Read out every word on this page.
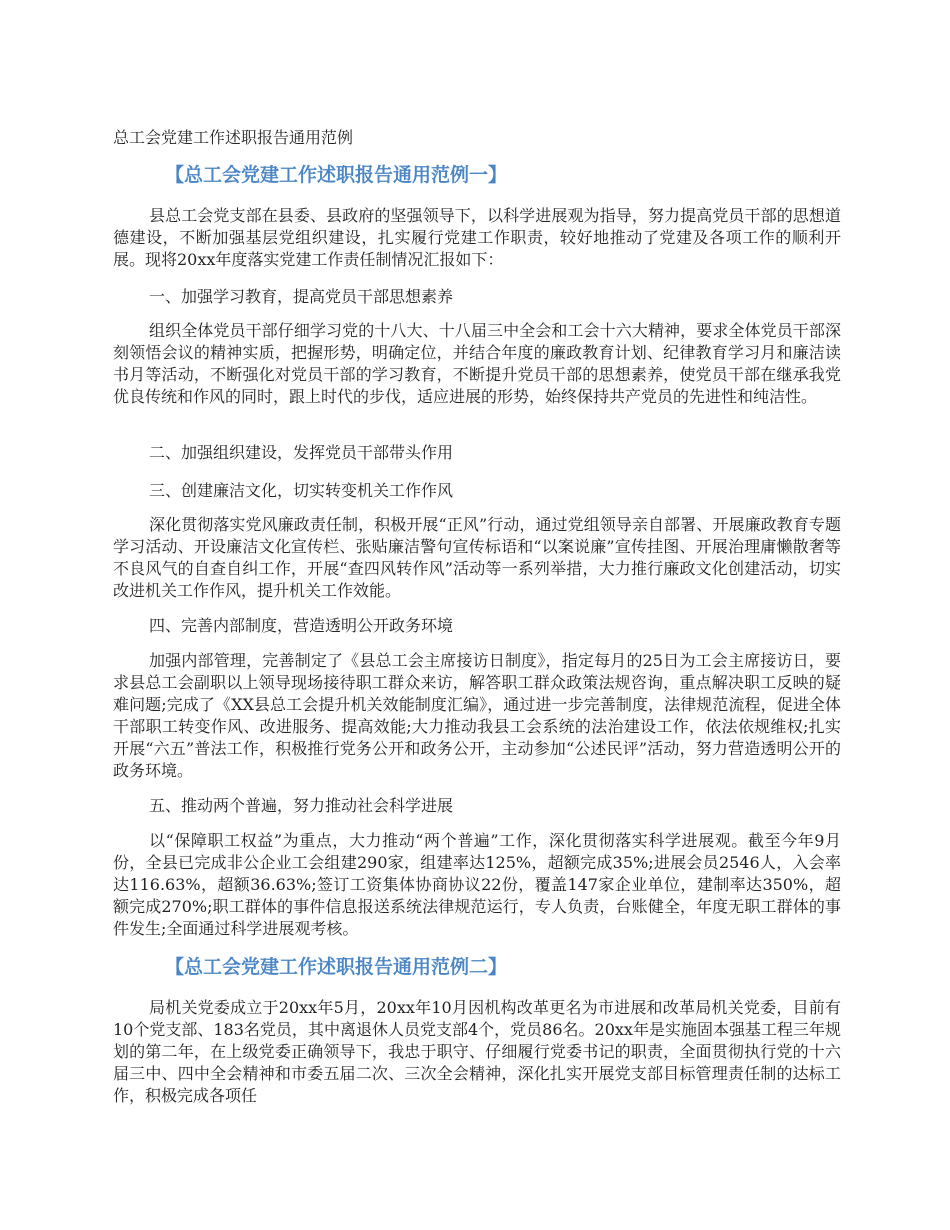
总工会党建工作述职报告通用范例

【总工会党建工作述职报告通用范例一】

县总工会党支部在县委、县政府的坚强领导下，以科学进展观为指导，努力提高党员干部的思想道德建设，不断加强基层党组织建设，扎实履行党建工作职责，较好地推动了党建及各项工作的顺利开展。现将20xx年度落实党建工作责任制情况汇报如下：

一、加强学习教育，提高党员干部思想素养

组织全体党员干部仔细学习党的十八大、十八届三中全会和工会十六大精神，要求全体党员干部深刻领悟会议的精神实质，把握形势，明确定位，并结合年度的廉政教育计划、纪律教育学习月和廉洁读书月等活动，不断强化对党员干部的学习教育，不断提升党员干部的思想素养，使党员干部在继承我党优良传统和作风的同时，跟上时代的步伐，适应进展的形势，始终保持共产党员的先进性和纯洁性。

二、加强组织建设，发挥党员干部带头作用

三、创建廉洁文化，切实转变机关工作作风

深化贯彻落实党风廉政责任制，积极开展“正风”行动，通过党组领导亲自部署、开展廉政教育专题学习活动、开设廉洁文化宣传栏、张贴廉洁警句宣传标语和“以案说廉”宣传挂图、开展治理庸懒散奢等不良风气的自查自纠工作，开展“查四风转作风”活动等一系列举措，大力推行廉政文化创建活动，切实改进机关工作作风，提升机关工作效能。

四、完善内部制度，营造透明公开政务环境

加强内部管理，完善制定了《县总工会主席接访日制度》，指定每月的25日为工会主席接访日，要求县总工会副职以上领导现场接待职工群众来访，解答职工群众政策法规咨询，重点解决职工反映的疑难问题;完成了《XX县总工会提升机关效能制度汇编》，通过进一步完善制度，法律规范流程，促进全体干部职工转变作风、改进服务、提高效能;大力推动我县工会系统的法治建设工作，依法依规维权;扎实开展“六五”普法工作，积极推行党务公开和政务公开，主动参加“公述民评”活动，努力营造透明公开的政务环境。

五、推动两个普遍，努力推动社会科学进展

以“保障职工权益”为重点，大力推动“两个普遍”工作，深化贯彻落实科学进展观。截至今年9月份，全县已完成非公企业工会组建290家，组建率达125%，超额完成35%;进展会员2546人，入会率达116.63%，超额36.63%;签订工资集体协商协议22份，覆盖147家企业单位，建制率达350%，超额完成270%;职工群体的事件信息报送系统法律规范运行，专人负责，台账健全，年度无职工群体的事件发生;全面通过科学进展观考核。

【总工会党建工作述职报告通用范例二】

局机关党委成立于20xx年5月，20xx年10月因机构改革更名为市进展和改革局机关党委，目前有10个党支部、183名党员，其中离退休人员党支部4个，党员86名。20xx年是实施固本强基工程三年规划的第二年，在上级党委正确领导下，我忠于职守、仔细履行党委书记的职责，全面贯彻执行党的十六届三中、四中全会精神和市委五届二次、三次全会精神，深化扎实开展党支部目标管理责任制的达标工作，积极完成各项任
